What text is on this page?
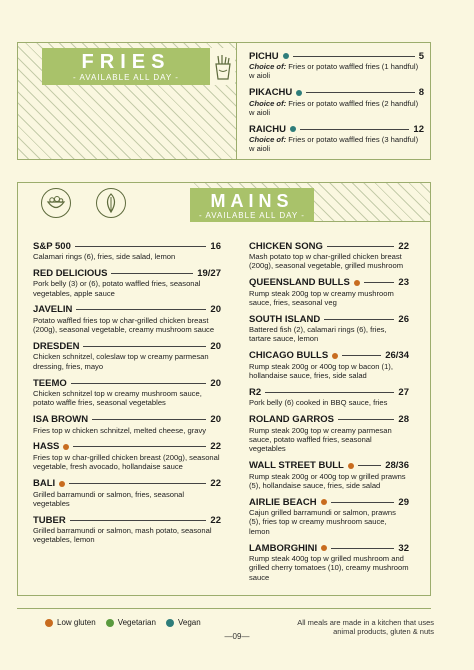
FRIES
- AVAILABLE ALL DAY -
PICHU	5
Choice of: Fries or potato waffled fries (1 handful) w aioli
PIKACHU	8
Choice of: Fries or potato waffled fries (2 handful) w aioli
RAICHU	12
Choice of: Fries or potato waffled fries (3 handful) w aioli
MAINS
- AVAILABLE ALL DAY -
S&P 500	16
Calamari rings (6), fries, side salad, lemon
RED DELICIOUS	19/27
Pork belly (3) or (6), potato waffled fries, seasonal vegetables, apple sauce
JAVELIN	20
Potato waffled fries top w char-grilled chicken breast (200g), seasonal vegetable, creamy mushroom sauce
DRESDEN	20
Chicken schnitzel, coleslaw top w creamy parmesan dressing, fries, mayo
TEEMO	20
Chicken schnitzel top w creamy mushroom sauce, potato waffle fries, seasonal vegetables
ISA BROWN	20
Fries top w chicken schnitzel, melted cheese, gravy
HASS	22
Fries top w char-grilled chicken breast (200g), seasonal vegetable, fresh avocado, hollandaise sauce
BALI	22
Grilled barramundi or salmon, fries, seasonal vegetables
TUBER	22
Grilled barramundi or salmon, mash potato, seasonal vegetables, lemon
CHICKEN SONG	22
Mash potato top w char-grilled chicken breast (200g), seasonal vegetable, grilled mushroom
QUEENSLAND BULLS	23
Rump steak 200g top w creamy mushroom sauce, fries, seasonal veg
SOUTH ISLAND	26
Battered fish (2), calamari rings (6), fries, tartare sauce, lemon
CHICAGO BULLS	26/34
Rump steak 200g or 400g top w bacon (1), hollandaise sauce, fries, side salad
R2	27
Pork belly (6) cooked in BBQ sauce, fries
ROLAND GARROS	28
Rump steak 200g top w creamy parmesan sauce, potato waffled fries, seasonal vegetables
WALL STREET BULL	28/36
Rump steak 200g or 400g top w grilled prawns (5), hollandaise sauce, fries, side salad
AIRLIE BEACH	29
Cajun grilled barramundi or salmon, prawns (5), fries top w creamy mushroom sauce, lemon
LAMBORGHINI	32
Rump steak 400g top w grilled mushroom and grilled cherry tomatoes (10), creamy mushroom sauce
Low gluten	Vegetarian	Vegan	All meals are made in a kitchen that uses animal products, gluten & nuts
—09—
